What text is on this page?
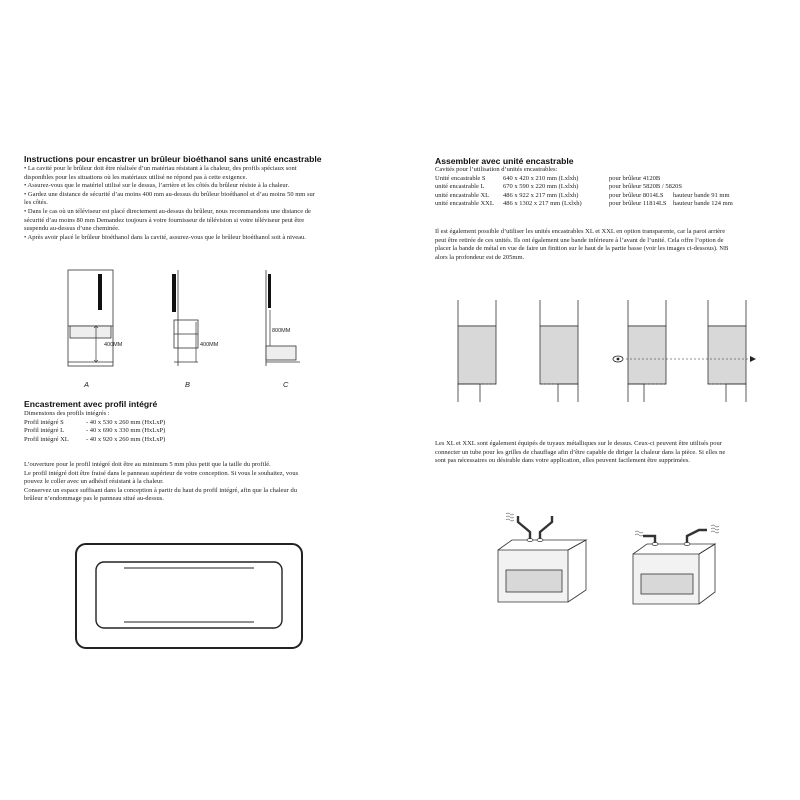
Instructions pour encastrer un brûleur bioéthanol sans unité encastrable
• La cavité pour le brûleur doit être réalisée d’un matériau résistant à la chaleur, des profils spéciaux sont
disponibles pour les situations où les matériaux utilisé ne répond pas à cette exigence.
• Assurez-vous que le matériel utilisé sur le dessus, l’arrière et les côtés du brûleur résiste à la chaleur.
• Gardez une distance de sécurité d’au moins 400 mm au-dessus du brûleur bioéthanol et d’au moins 50 mm sur
les côtés.
• Dans le cas où un téléviseur est placé directement au-dessus du brûleur, nous recommandons une distance de
sécurité d’au moins 80 mm Demandez toujours à votre fournisseur de télévision si votre téléviseur peut être
suspendu au-dessus d’une cheminée.
• Après avoir placé le brûleur bioéthanol dans la cavité, assurez-vous que le brûleur bioéthanol soit à niveau.
400MM
A
400MM
B
800MM
C
Encastrement avec profil intégré
Dimensions des profils intégrés :
Profil intégré S	- 40 x 530 x 260 mm (HxLxP)
Profil intégré L	- 40 x 690 x 330 mm (HxLxP)
Profil intégré XL	- 40 x 920 x 260 mm (HxLxP)
L’ouverture pour le profil intégré doit être au minimum 5 mm plus petit que la taille du profilé.
Le profil intégré doit être fraisé dans le panneau supérieur de votre conception. Si vous le souhaitez, vous
pouvez le coller avec un adhésif résistant à la chaleur.
Conservez un espace suffisant dans la conception à partir du haut du profil intégré, afin que la chaleur du
brûleur n’endommage pas le panneau situé au-dessus.
Assembler avec unité encastrable
Cavités pour l’utilisation d’unités encastrables:
Unité encastrable S	640 x 420 x 210 mm (Lxlxh)	pour brûleur 4120B
unité encastrable L	670 x 590 x 220 mm (Lxlxh)	pour brûleur 5820B / 5820S
unité encastrable XL 486 x 922 x 217 mm (Lxlxh)	pour brûleur 8014LS hauteur bande 91 mm
unité encastrable XXL 486 x 1302 x 217 mm (Lxlxh)	pour brûleur 11814LS hauteur bande 124 mm
Il est également possible d’utiliser les unités encastrables XL et XXL en option transparente, car la paroi arrière
peut être retirée de ces unités. Ils ont également une bande inférieure à l’avant de l’unité. Cela offre l’option de
placer la bande de métal en vue de faire un finition sur le haut de la partie basse (voir les images ci-dessous). NB
alors la profondeur est de 205mm.
Les XL et XXL sont également équipés de tuyaux métalliques sur le dessus. Ceux-ci peuvent être utilisés pour
connecter un tube pour les grilles de chauffage afin d’être capable de diriger la chaleur dans la pièce. Si elles ne
sont pas nécessaires ou désirable dans votre application, elles peuvent facilement être supprimées.
